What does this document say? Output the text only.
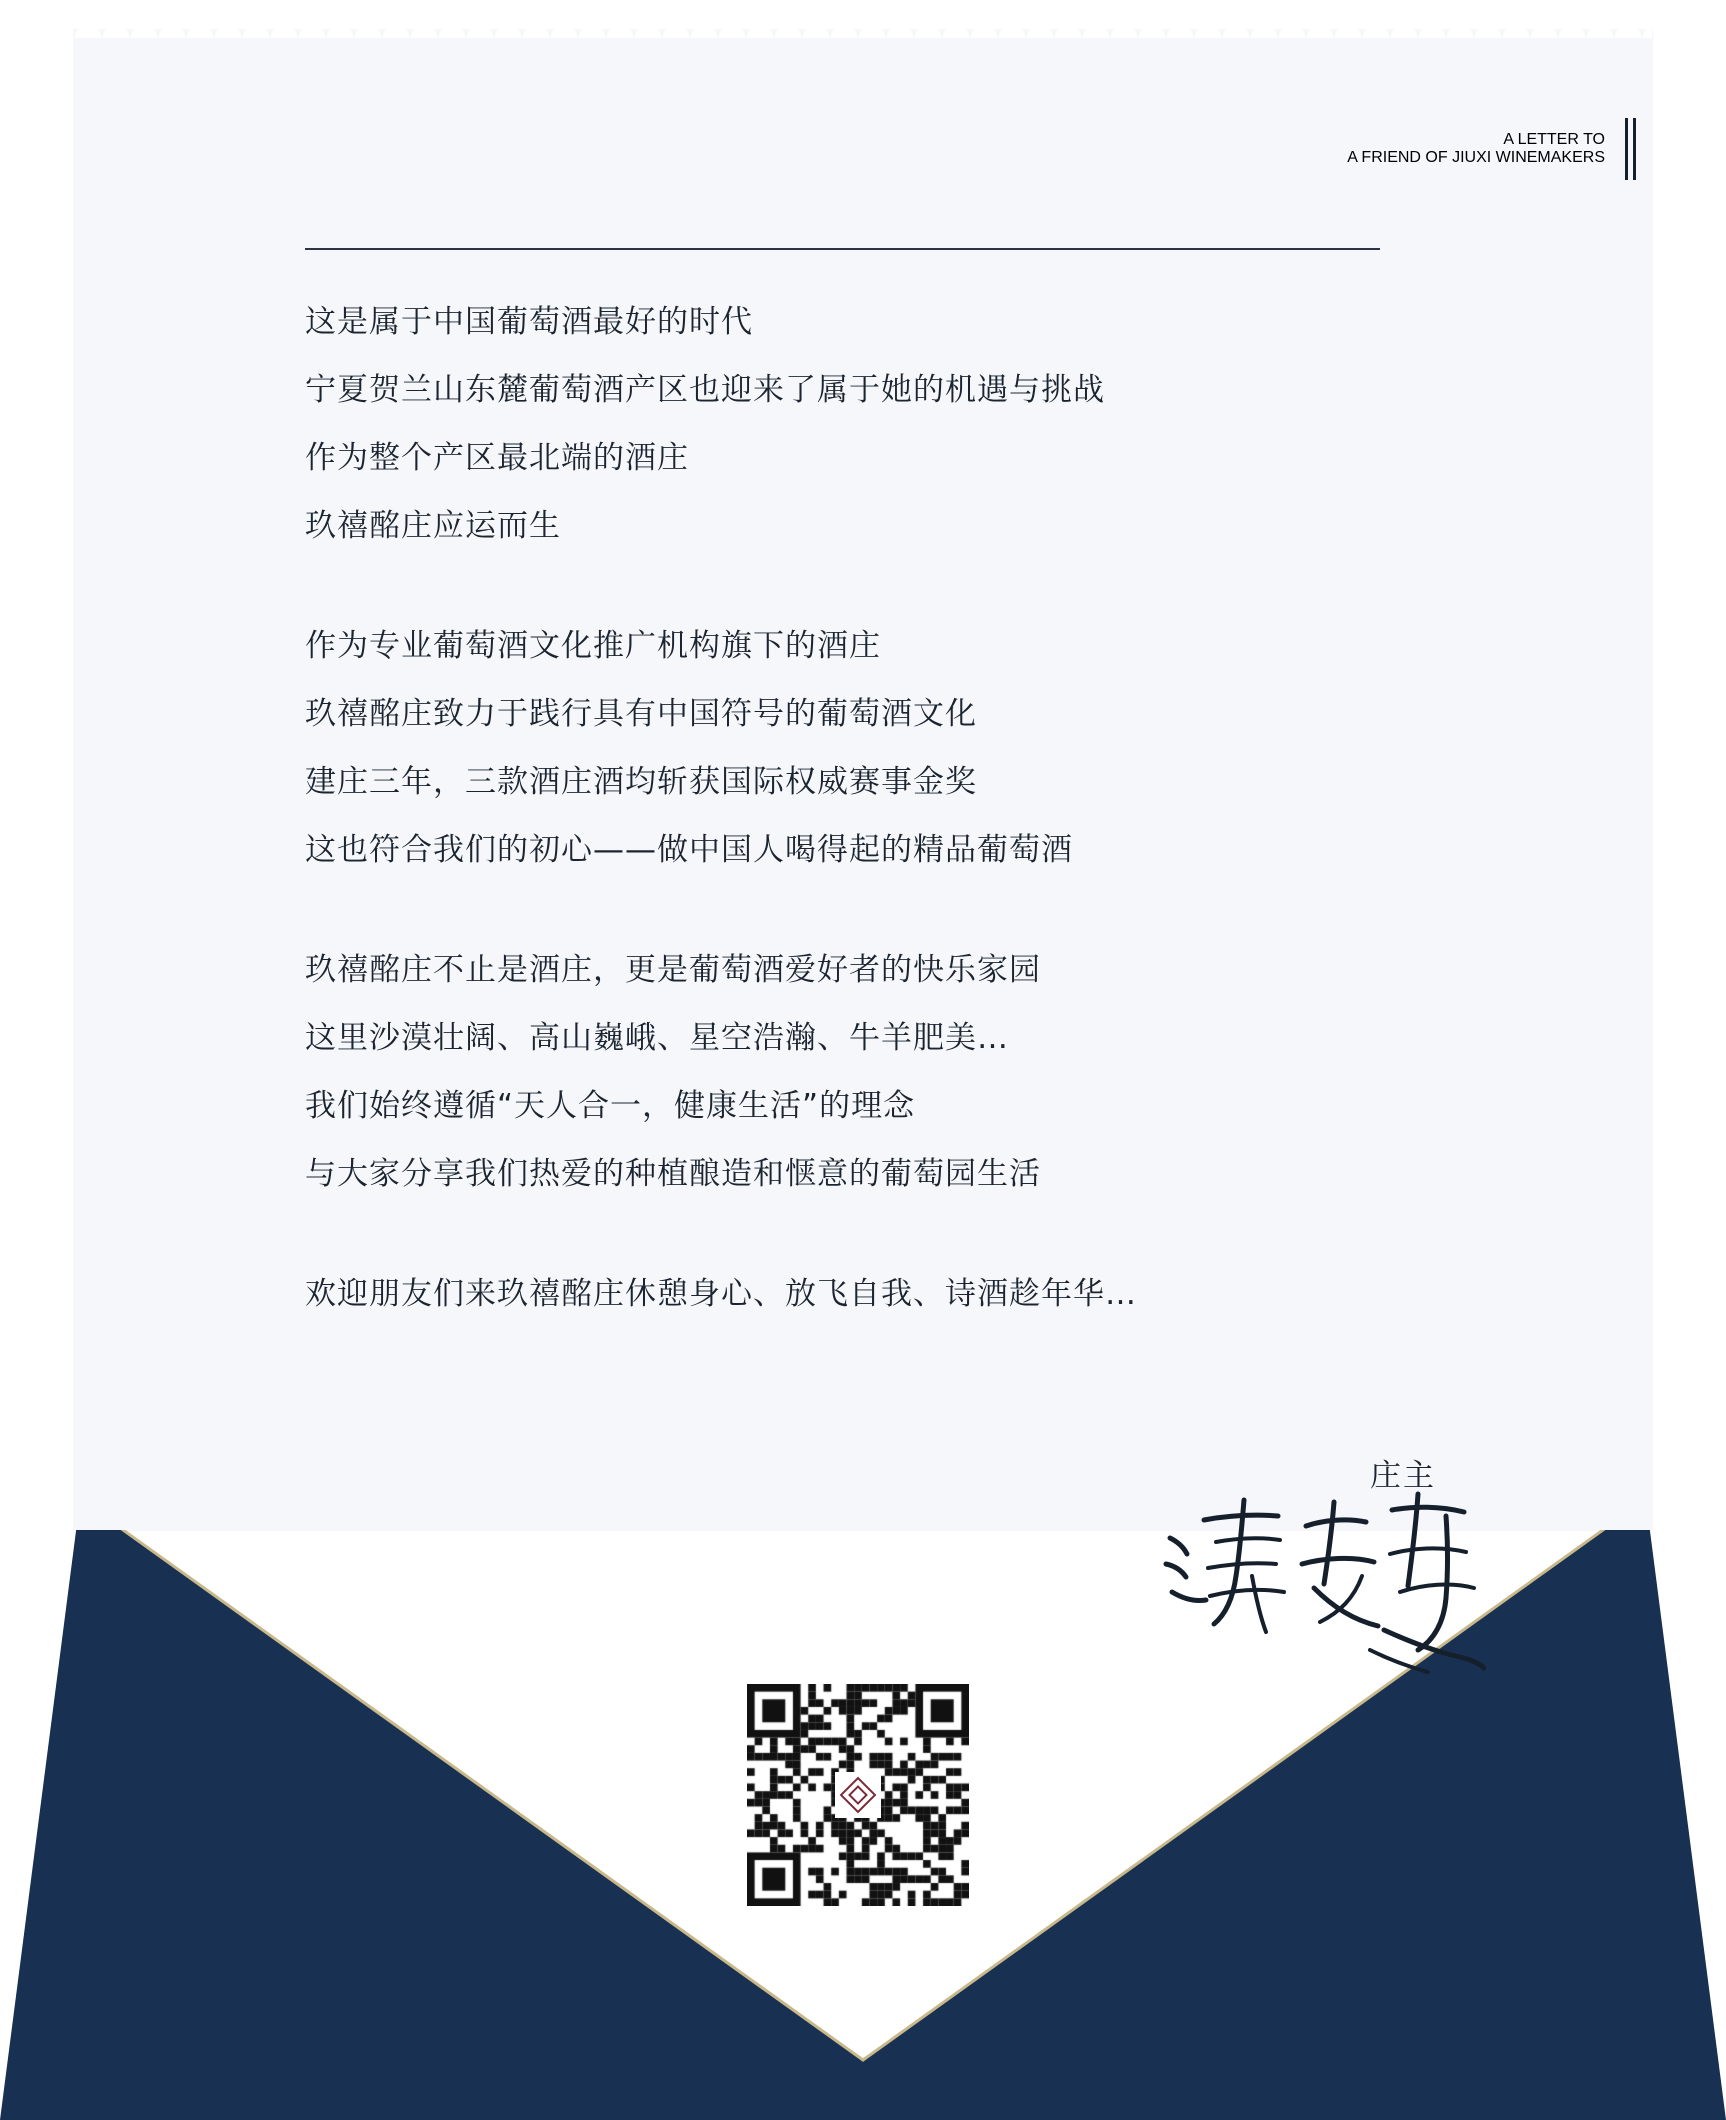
A LETTER TO
A FRIEND OF JIUXI WINEMAKERS

这是属于中国葡萄酒最好的时代
宁夏贺兰山东麓葡萄酒产区也迎来了属于她的机遇与挑战
作为整个产区最北端的酒庄
玖禧酩庄应运而生

作为专业葡萄酒文化推广机构旗下的酒庄
玖禧酩庄致力于践行具有中国符号的葡萄酒文化
建庄三年，三款酒庄酒均斩获国际权威赛事金奖
这也符合我们的初心——做中国人喝得起的精品葡萄酒

玖禧酩庄不止是酒庄，更是葡萄酒爱好者的快乐家园
这里沙漠壮阔、高山巍峨、星空浩瀚、牛羊肥美…
我们始终遵循“天人合一，健康生活”的理念
与大家分享我们热爱的种植酿造和惬意的葡萄园生活

欢迎朋友们来玖禧酩庄休憩身心、放飞自我、诗酒趁年华…

庄主
